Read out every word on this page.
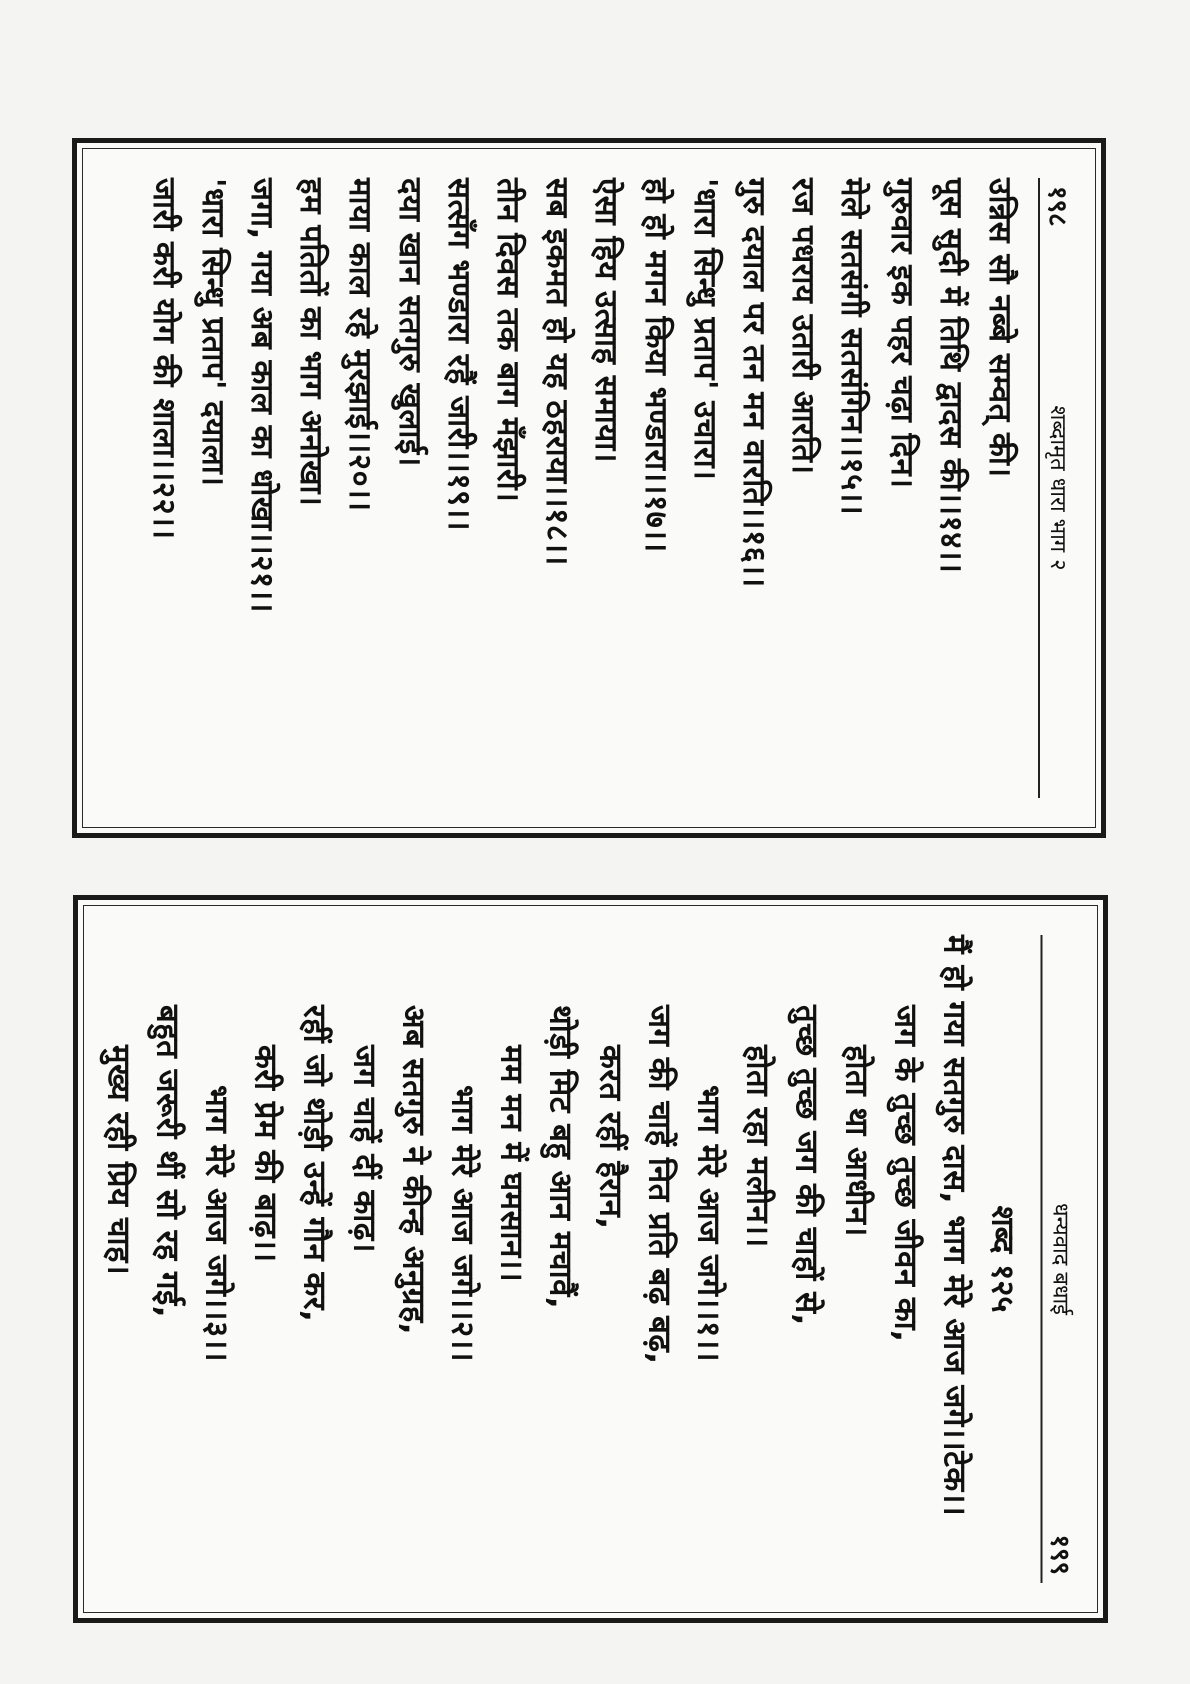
१९८
शब्दामृत धारा भाग २
उन्निस सौ नब्बे सम्वत् की।
पूस सुदी में तिथि द्वादस की।।१४।।
गुरुवार इक पहर चढ़ा दिन।
मेले सतसंगी सतसंगिन।।१५।।
रज पधराय उतारी आरति।
गुरु दयाल पर तन मन वारति।।१६।।
'धारा सिन्धु प्रताप' उचारा।
हो हो मगन किया भण्डारा।।१७।।
ऐसा हिय उत्साह समाया।
सब इकमत हो यह ठहराया।।१८।।
तीन दिवस तक बाग मँझारी।
सत्सँग भण्डारा रहैं जारी।।१९।।
दया खान सतगुरु खुलाई।
माया काल रहे मुरझाई।।२०।।
हम पतितों का भाग अनोखा।
जगा, गया अब काल का धोखा।।२१।।
'धारा सिन्धु प्रताप' दयाला।
जारी करी योग की शाला।।२२।।
धन्यवाद बधाई
१९९
शब्द १२५
मैं हो गया सतगुरु दास, भाग मेरे आज जगे।।टेक।।
जग के तुच्छ तुच्छ जीवन का,
होता था आधीन।
तुच्छ तुच्छ जग की चाहों से,
होता रहा मलीन।।
भाग मेरे आज जगे।।१।।
जग की चाहें नित प्रति बढ़ बढ़,
करत रहीं हैरान,
थोड़ी मिट बहु आन मचावैं,
मम मन में घमसान।।
भाग मेरे आज जगे।।२।।
अब सतगुरु ने कीन्ह अनुग्रह,
जग चाहें दीं काढ़।
रहीं जो थोड़ी उन्हें गौन कर,
करी प्रेम की बाढ़।।
भाग मेरे आज जगे।।३।।
बहुत जरूरी थीं सो रह गई,
मुख्य रही प्रिय चाह।
